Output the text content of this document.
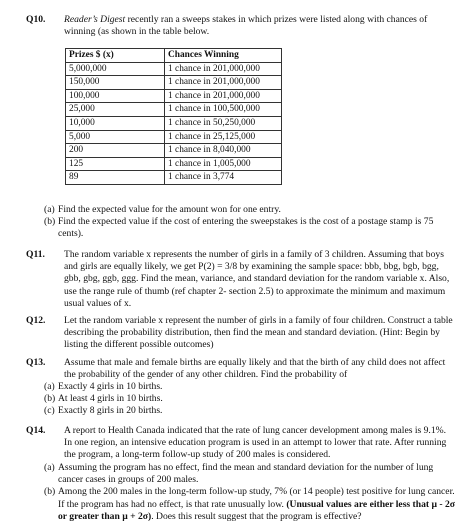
Q10.	Reader’s Digest recently ran a sweeps stakes in which prizes were listed along with chances of winning (as shown in the table below.

Prizes $ (x)	Chances Winning
5,000,000	1 chance in 201,000,000
150,000	1 chance in 201,000,000
100,000	1 chance in 201,000,000
25,000	1 chance in 100,500,000
10,000	1 chance in 50,250,000
5,000	1 chance in 25,125,000
200	1 chance in 8,040,000
125	1 chance in 1,005,000
89	1 chance in 3,774
(a) Find the expected value for the amount won for one entry.
(b) Find the expected value if the cost of entering the sweepstakes is the cost of a postage stamp is 75 cents).
Q11.	The random variable x represents the number of girls in a family of 3 children. Assuming that boys and girls are equally likely, we get P(2) = 3/8 by examining the sample space: bbb, bbg, bgb, bgg, gbb, gbg, ggb, ggg. Find the mean, variance, and standard deviation for the random variable x. Also, use the range rule of thumb (ref chapter 2- section 2.5) to approximate the minimum and maximum usual values of x.

Q12.	Let the random variable x represent the number of girls in a family of four children. Construct a table describing the probability distribution, then find the mean and standard deviation. (Hint: Begin by listing the different possible outcomes)

Q13.	Assume that male and female births are equally likely and that the birth of any child does not affect the probability of the gender of any other children. Find the probability of

(a) Exactly 4 girls in 10 births.
(b) At least 4 girls in 10 births.
(c) Exactly 8 girls in 20 births.
Q14.	A report to Health Canada indicated that the rate of lung cancer development among males is 9.1%. In one region, an intensive education program is used in an attempt to lower that rate. After running the program, a long-term follow-up study of 200 males is considered.

(a) Assuming the program has no effect, find the mean and standard deviation for the number of lung cancer cases in groups of 200 males.
(b) Among the 200 males in the long-term follow-up study, 7% (or 14 people) test positive for lung cancer. If the program has had no effect, is that rate unusually low. (Unusual values are either less that µ - 2σ or greater than µ + 2σ). Does this result suggest that the program is effective?
